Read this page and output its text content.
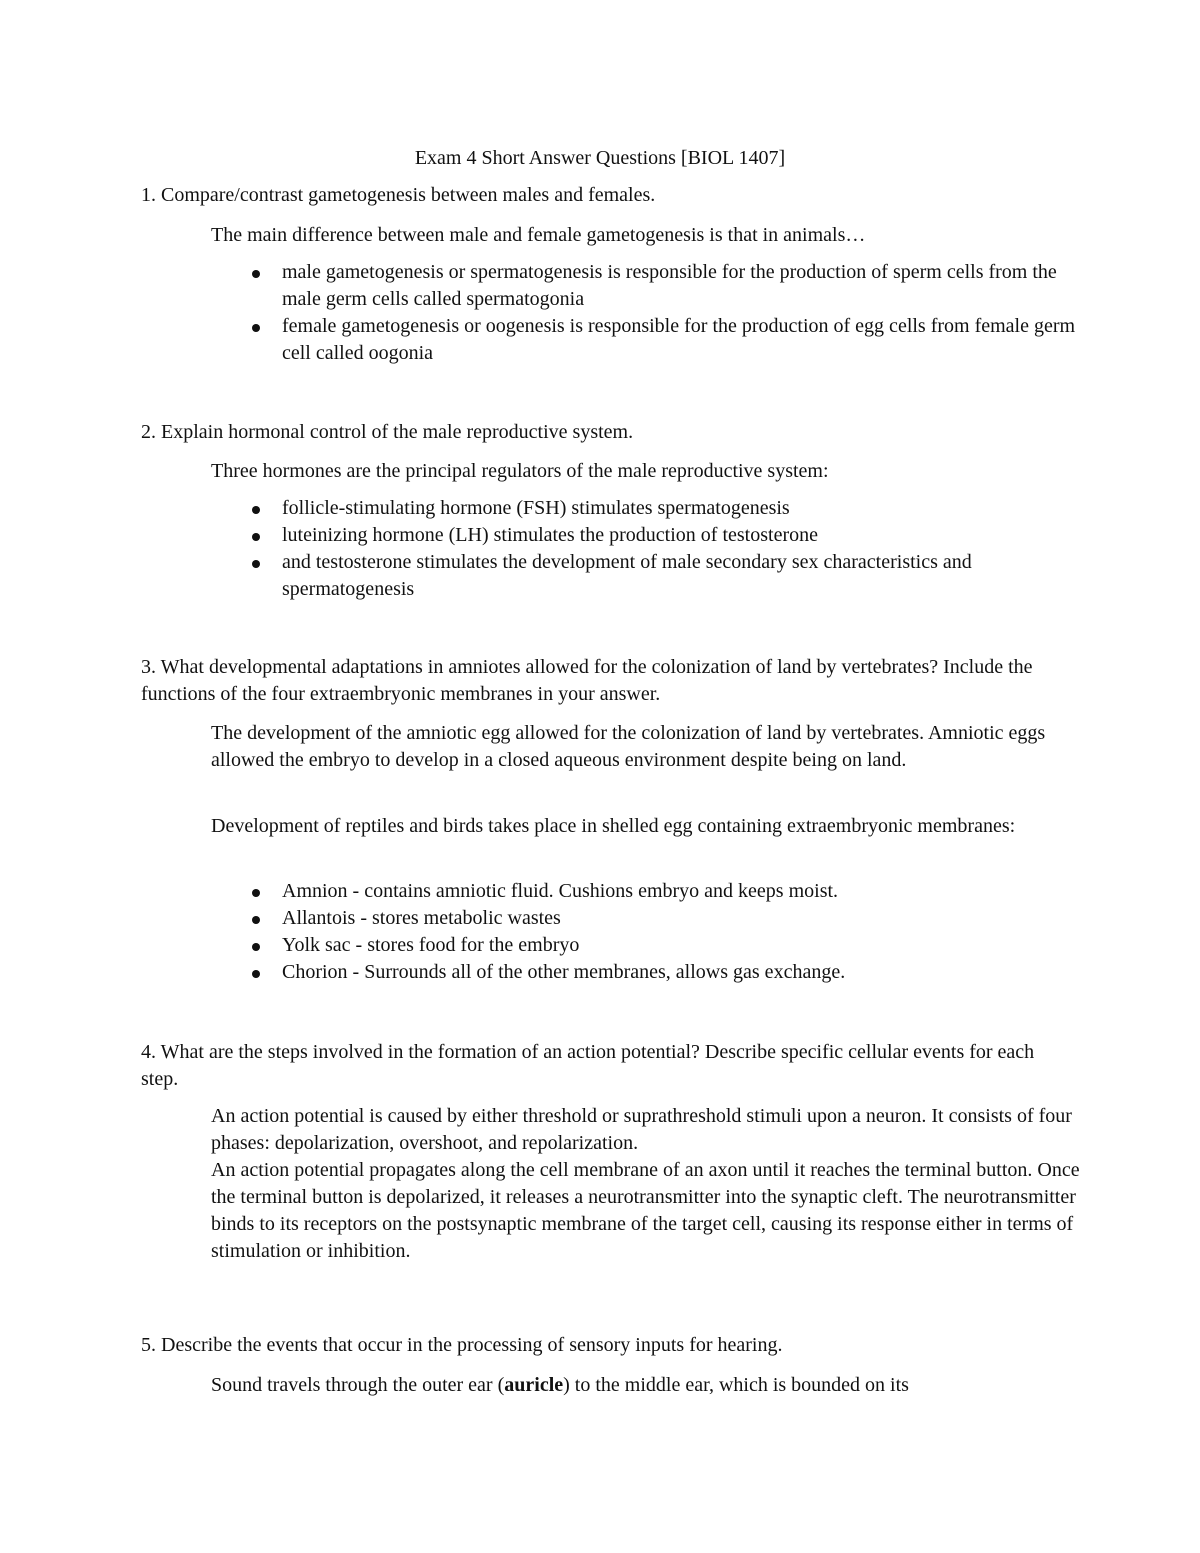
Exam 4 Short Answer Questions [BIOL 1407]
1. Compare/contrast gametogenesis between males and females.
The main difference between male and female gametogenesis is that in animals…
male gametogenesis or spermatogenesis is responsible for the production of sperm cells from the male germ cells called spermatogonia
female gametogenesis or oogenesis is responsible for the production of egg cells from female germ cell called oogonia
2. Explain hormonal control of the male reproductive system.
Three hormones are the principal regulators of the male reproductive system:
follicle-stimulating hormone (FSH) stimulates spermatogenesis
luteinizing hormone (LH) stimulates the production of testosterone
and testosterone stimulates the development of male secondary sex characteristics and spermatogenesis
3. What developmental adaptations in amniotes allowed for the colonization of land by vertebrates? Include the functions of the four extraembryonic membranes in your answer.
The development of the amniotic egg allowed for the colonization of land by vertebrates. Amniotic eggs allowed the embryo to develop in a closed aqueous environment despite being on land.
Development of reptiles and birds takes place in shelled egg containing extraembryonic membranes:
Amnion - contains amniotic fluid. Cushions embryo and keeps moist.
Allantois - stores metabolic wastes
Yolk sac - stores food for the embryo
Chorion - Surrounds all of the other membranes, allows gas exchange.
4. What are the steps involved in the formation of an action potential? Describe specific cellular events for each step.
An action potential is caused by either threshold or suprathreshold stimuli upon a neuron. It consists of four phases: depolarization, overshoot, and repolarization.
An action potential propagates along the cell membrane of an axon until it reaches the terminal button. Once the terminal button is depolarized, it releases a neurotransmitter into the synaptic cleft. The neurotransmitter binds to its receptors on the postsynaptic membrane of the target cell, causing its response either in terms of stimulation or inhibition.
5. Describe the events that occur in the processing of sensory inputs for hearing.
Sound travels through the outer ear (auricle) to the middle ear, which is bounded on its
